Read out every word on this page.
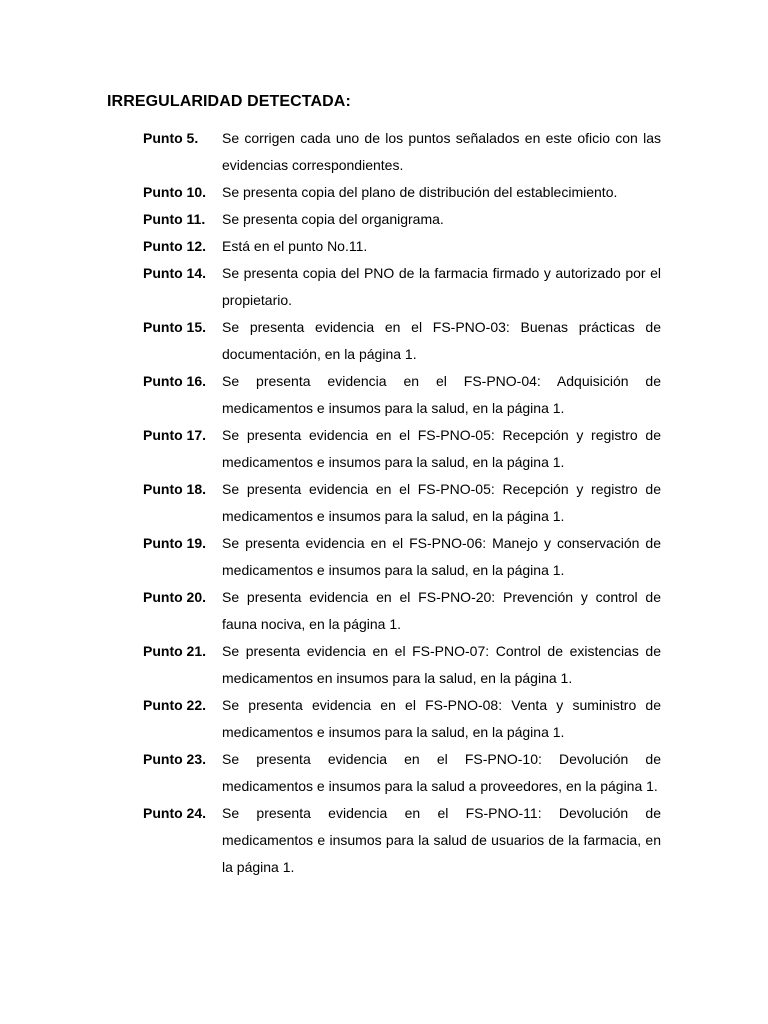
IRREGULARIDAD DETECTADA:
Punto 5. Se corrigen cada uno de los puntos señalados en este oficio con las evidencias correspondientes.
Punto 10. Se presenta copia del plano de distribución del establecimiento.
Punto 11. Se presenta copia del organigrama.
Punto 12. Está en el punto No.11.
Punto 14. Se presenta copia del PNO de la farmacia firmado y autorizado por el propietario.
Punto 15. Se presenta evidencia en el FS-PNO-03: Buenas prácticas de documentación, en la página 1.
Punto 16. Se presenta evidencia en el FS-PNO-04: Adquisición de medicamentos e insumos para la salud, en la página 1.
Punto 17. Se presenta evidencia en el FS-PNO-05: Recepción y registro de medicamentos e insumos para la salud, en la página 1.
Punto 18. Se presenta evidencia en el FS-PNO-05: Recepción y registro de medicamentos e insumos para la salud, en la página 1.
Punto 19. Se presenta evidencia en el FS-PNO-06: Manejo y conservación de medicamentos e insumos para la salud, en la página 1.
Punto 20. Se presenta evidencia en el FS-PNO-20: Prevención y control de fauna nociva, en la página 1.
Punto 21. Se presenta evidencia en el FS-PNO-07: Control de existencias de medicamentos en insumos para la salud, en la página 1.
Punto 22. Se presenta evidencia en el FS-PNO-08: Venta y suministro de medicamentos e insumos para la salud, en la página 1.
Punto 23. Se presenta evidencia en el FS-PNO-10: Devolución de medicamentos e insumos para la salud a proveedores, en la página 1.
Punto 24. Se presenta evidencia en el FS-PNO-11: Devolución de medicamentos e insumos para la salud de usuarios de la farmacia, en la página 1.
